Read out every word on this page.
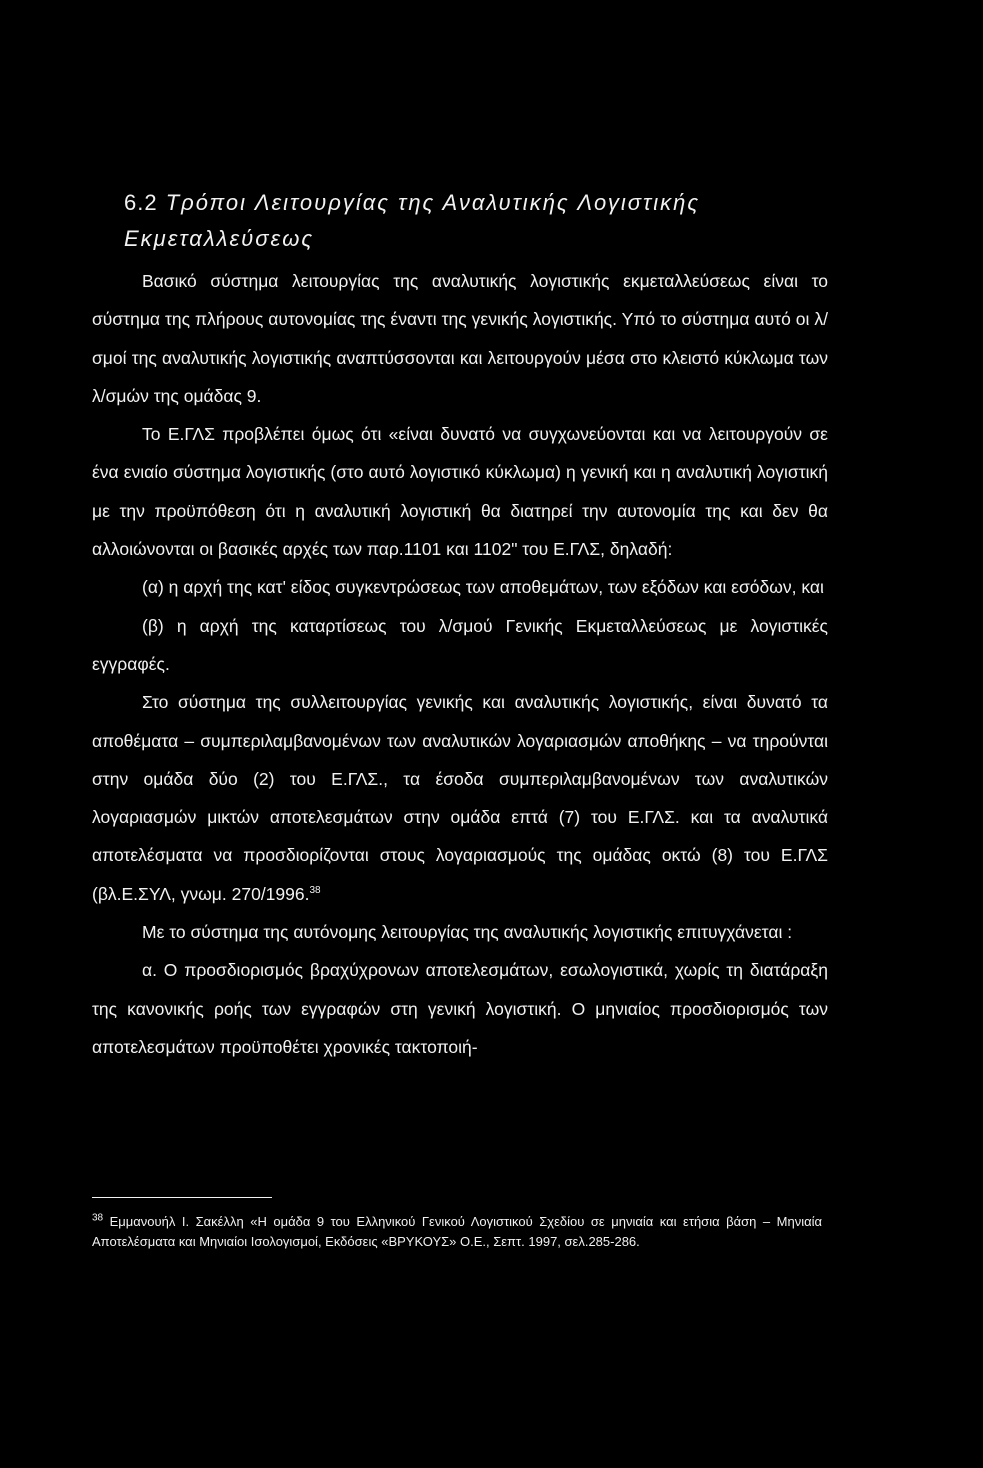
6.2 Τρόποι Λειτουργίας της Αναλυτικής Λογιστικής Εκμεταλλεύσεως

Βασικό σύστημα λειτουργίας της αναλυτικής λογιστικής εκμεταλλεύσεως είναι το σύστημα της πλήρους αυτονομίας της έναντι της γενικής λογιστικής. Υπό το σύστημα αυτό οι λ/σμοί της αναλυτικής λογιστικής αναπτύσσονται και λειτουργούν μέσα στο κλειστό κύκλωμα των λ/σμών της ομάδας 9.

Το Ε.ΓΛΣ προβλέπει όμως ότι «είναι δυνατό να συγχωνεύονται και να λειτουργούν σε ένα ενιαίο σύστημα λογιστικής (στο αυτό λογιστικό κύκλωμα) η γενική και η αναλυτική λογιστική με την προϋπόθεση ότι η αναλυτική λογιστική θα διατηρεί την αυτονομία της και δεν θα αλλοιώνονται οι βασικές αρχές των παρ.1101 και 1102" του Ε.ΓΛΣ, δηλαδή:

(α) η αρχή της κατ' είδος συγκεντρώσεως των αποθεμάτων, των εξόδων και εσόδων, και

(β) η αρχή της καταρτίσεως του λ/σμού Γενικής Εκμεταλλεύσεως με λογιστικές εγγραφές.

Στο σύστημα της συλλειτουργίας γενικής και αναλυτικής λογιστικής, είναι δυνατό τα αποθέματα – συμπεριλαμβανομένων των αναλυτικών λογαριασμών αποθήκης – να τηρούνται στην ομάδα δύο (2) του Ε.ΓΛΣ., τα έσοδα συμπεριλαμβανομένων των αναλυτικών λογαριασμών μικτών αποτελεσμάτων στην ομάδα επτά (7) του Ε.ΓΛΣ. και τα αναλυτικά αποτελέσματα να προσδιορίζονται στους λογαριασμούς της ομάδας οκτώ (8) του Ε.ΓΛΣ (βλ.Ε.ΣΥΛ, γνωμ. 270/1996.38

Με το σύστημα της αυτόνομης λειτουργίας της αναλυτικής λογιστικής επιτυγχάνεται :

α. Ο προσδιορισμός βραχύχρονων αποτελεσμάτων, εσωλογιστικά, χωρίς τη διατάραξη της κανονικής ροής των εγγραφών στη γενική λογιστική. Ο μηνιαίος προσδιορισμός των αποτελεσμάτων προϋποθέτει χρονικές τακτοποιή-

$^{38}$ Εμμανουήλ Ι. Σακέλλη «Η ομάδα 9 του Ελληνικού Γενικού Λογιστικού Σχεδίου σε μηνιαία και ετήσια βάση – Μηνιαία Αποτελέσματα και Μηνιαίοι Ισολογισμοί, Εκδόσεις «ΒΡΥΚΟΥΣ» Ο.Ε., Σεπτ. 1997, σελ.285-286.
